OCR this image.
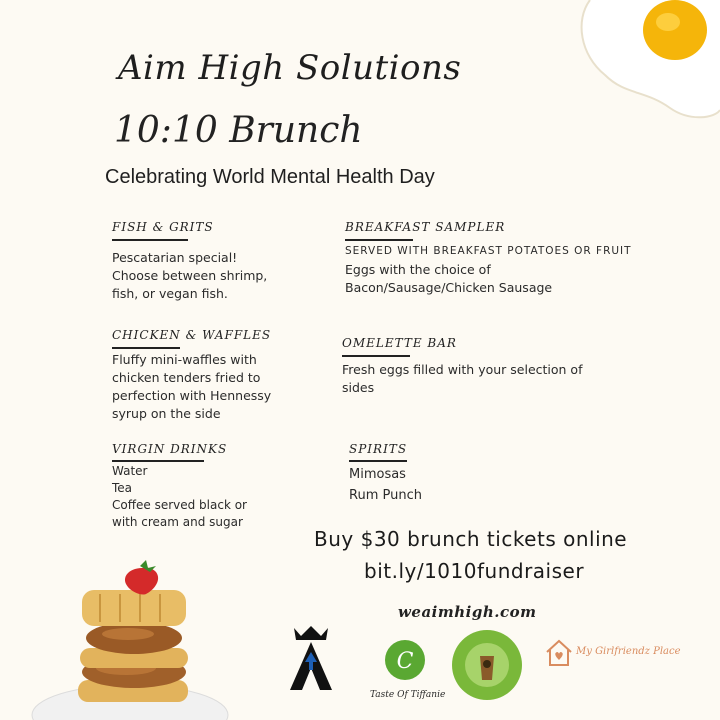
Aim High Solutions
10:10 Brunch
Celebrating World Mental Health Day
FISH & GRITS
Pescatarian special!
Choose between shrimp,
fish, or vegan fish.
BREAKFAST SAMPLER
SERVED WITH BREAKFAST POTATOES OR FRUIT
Eggs with the choice of
Bacon/Sausage/Chicken Sausage
CHICKEN & WAFFLES
Fluffy mini-waffles with
chicken tenders fried to
perfection with Hennessy
syrup on the side
OMELETTE BAR
Fresh eggs filled with your selection of
sides
VIRGIN DRINKS
Water
Tea
Coffee served black or
with cream and sugar
SPIRITS
Mimosas
Rum Punch
Buy $30 brunch tickets online
bit.ly/1010fundraiser
weaimhigh.com
C
Taste Of Tiffanie
My Girlfriendz Place
